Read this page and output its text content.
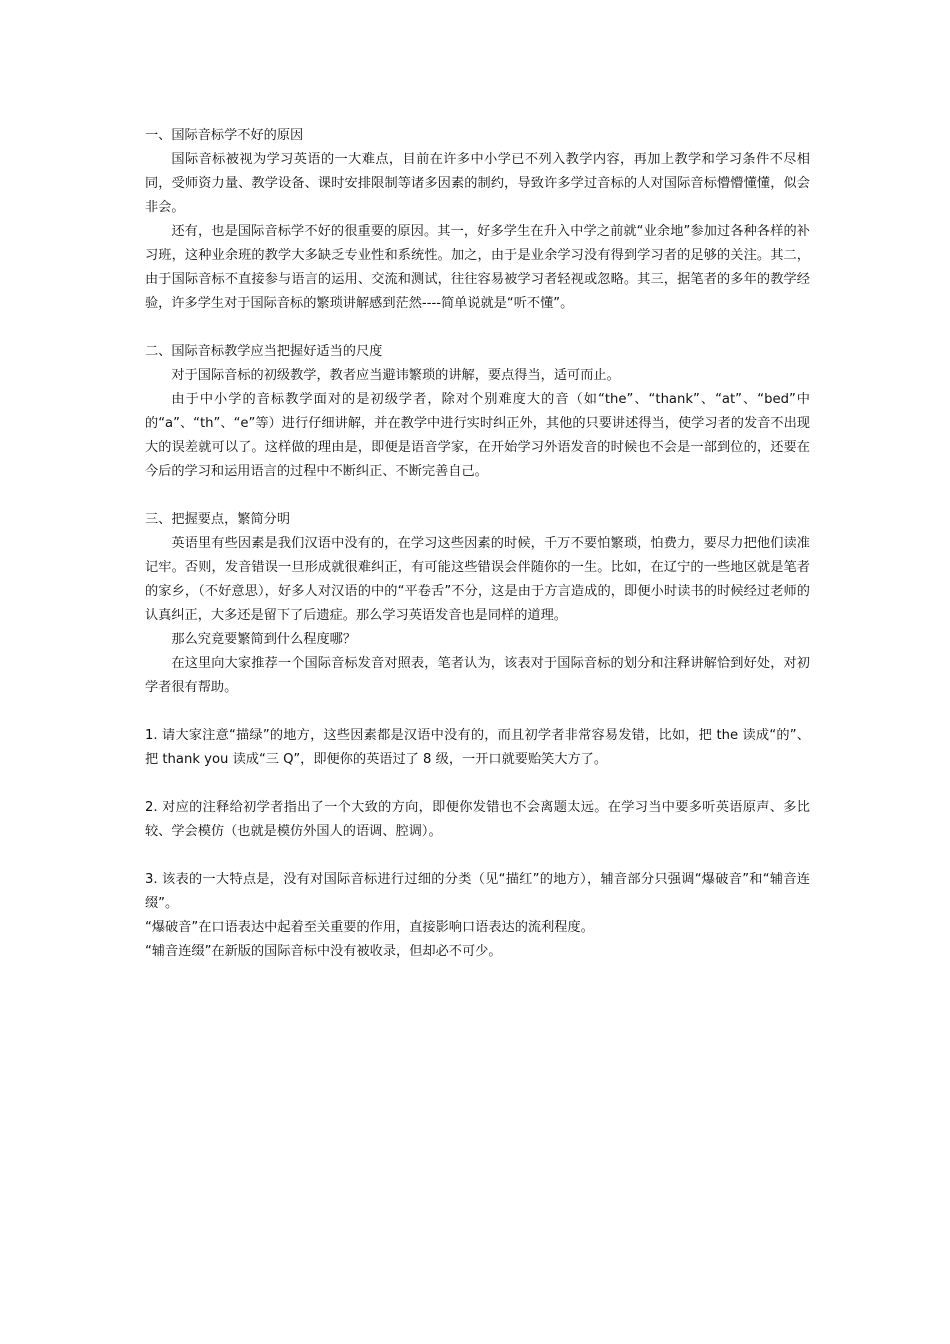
一、国际音标学不好的原因

国际音标被视为学习英语的一大难点，目前在许多中小学已不列入教学内容，再加上教学和学习条件不尽相同，受师资力量、教学设备、课时安排限制等诸多因素的制约，导致许多学过音标的人对国际音标懵懵懂懂，似会非会。

还有，也是国际音标学不好的很重要的原因。其一，好多学生在升入中学之前就“业余地”参加过各种各样的补习班，这种业余班的教学大多缺乏专业性和系统性。加之，由于是业余学习没有得到学习者的足够的关注。其二，由于国际音标不直接参与语言的运用、交流和测试，往往容易被学习者轻视或忽略。其三，据笔者的多年的教学经验，许多学生对于国际音标的繁琐讲解感到茫然----简单说就是“听不懂”。

二、国际音标教学应当把握好适当的尺度

对于国际音标的初级教学，教者应当避讳繁琐的讲解，要点得当，适可而止。

由于中小学的音标教学面对的是初级学者，除对个别难度大的音（如“the”、“thank”、“at”、“bed”中的“a”、“th”、“e”等）进行仔细讲解，并在教学中进行实时纠正外，其他的只要讲述得当，使学习者的发音不出现大的误差就可以了。这样做的理由是，即便是语音学家，在开始学习外语发音的时候也不会是一部到位的，还要在今后的学习和运用语言的过程中不断纠正、不断完善自己。

三、把握要点，繁简分明

英语里有些因素是我们汉语中没有的，在学习这些因素的时候，千万不要怕繁琐，怕费力，要尽力把他们读准记牢。否则，发音错误一旦形成就很难纠正，有可能这些错误会伴随你的一生。比如，在辽宁的一些地区就是笔者的家乡，（不好意思），好多人对汉语的中的“平卷舌”不分，这是由于方言造成的，即便小时读书的时候经过老师的认真纠正，大多还是留下了后遗症。那么学习英语发音也是同样的道理。

那么究竟要繁简到什么程度哪？

在这里向大家推荐一个国际音标发音对照表，笔者认为，该表对于国际音标的划分和注释讲解恰到好处，对初学者很有帮助。

1. 请大家注意“描绿”的地方，这些因素都是汉语中没有的，而且初学者非常容易发错，比如，把 the 读成“的”、把 thank you 读成“三 Q”，即便你的英语过了 8 级，一开口就要贻笑大方了。

2. 对应的注释给初学者指出了一个大致的方向，即便你发错也不会离题太远。在学习当中要多听英语原声、多比较、学会模仿（也就是模仿外国人的语调、腔调）。

3. 该表的一大特点是，没有对国际音标进行过细的分类（见“描红”的地方），辅音部分只强调“爆破音”和“辅音连缀”。

“爆破音”在口语表达中起着至关重要的作用，直接影响口语表达的流利程度。

“辅音连缀”在新版的国际音标中没有被收录，但却必不可少。
